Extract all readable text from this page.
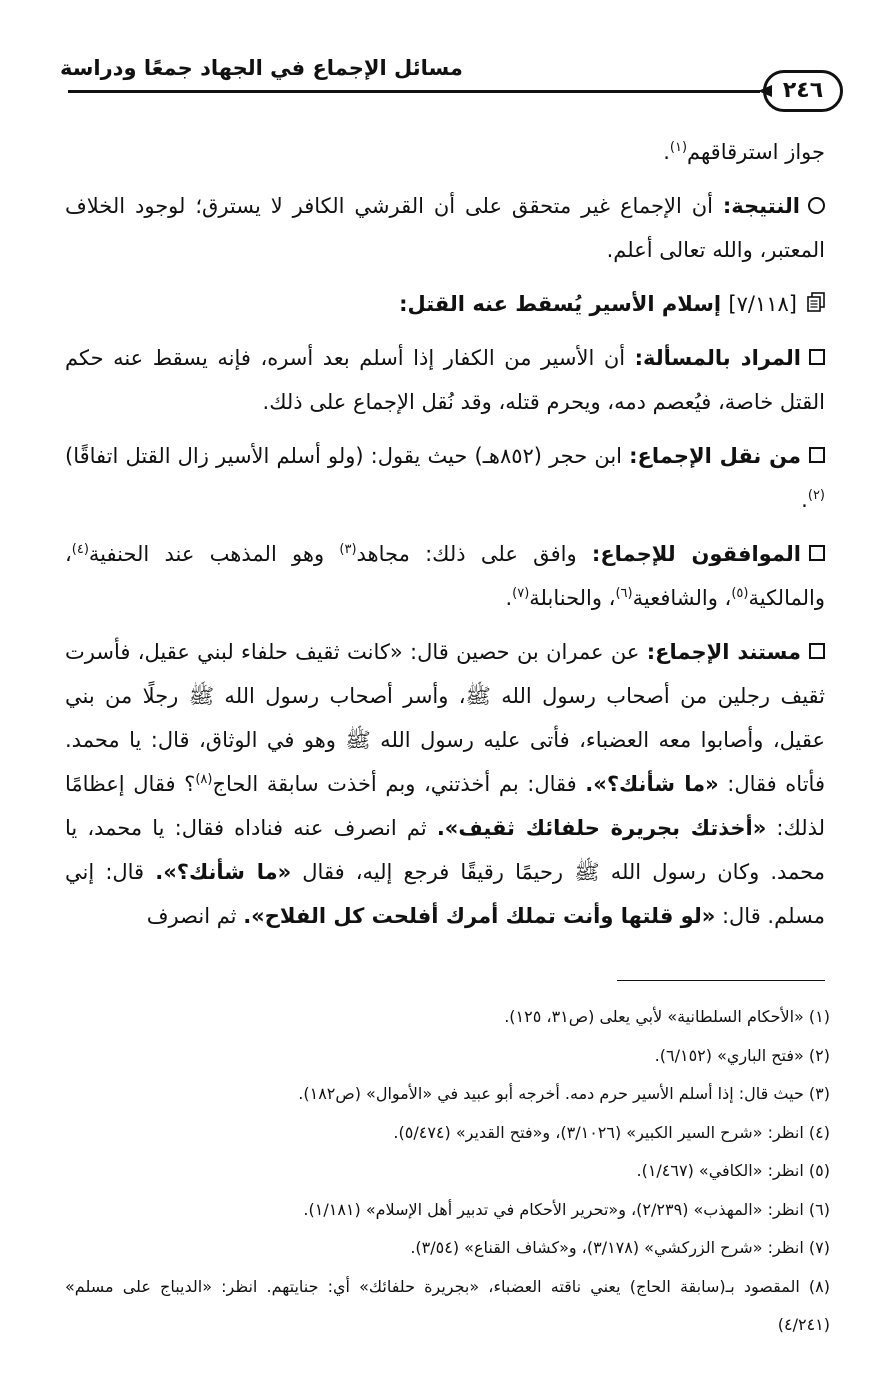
مسائل الإجماع في الجهاد جمعًا ودراسة
٢٤٦

جواز استرقاقهم$^{(١)}$.

النتيجة: أن الإجماع غير متحقق على أن القرشي الكافر لا يسترق؛ لوجود الخلاف المعتبر، والله تعالى أعلم.

[٧/١١٨] إسلام الأسير يُسقط عنه القتل:

المراد بالمسألة: أن الأسير من الكفار إذا أسلم بعد أسره، فإنه يسقط عنه حكم القتل خاصة، فيُعصم دمه، ويحرم قتله، وقد نُقل الإجماع على ذلك.

من نقل الإجماع: ابن حجر (٨٥٢هـ) حيث يقول: (ولو أسلم الأسير زال القتل اتفاقًا)$^{(٢)}$.

الموافقون للإجماع: وافق على ذلك: مجاهد$^{(٣)}$ وهو المذهب عند الحنفية$^{(٤)}$، والمالكية$^{(٥)}$، والشافعية$^{(٦)}$، والحنابلة$^{(٧)}$.

مستند الإجماع: عن عمران بن حصين قال: «كانت ثقيف حلفاء لبني عقيل، فأسرت ثقيف رجلين من أصحاب رسول الله ﷺ، وأسر أصحاب رسول الله ﷺ رجلًا من بني عقيل، وأصابوا معه العضباء، فأتى عليه رسول الله ﷺ وهو في الوثاق، قال: يا محمد. فأتاه فقال: «ما شأنك؟». فقال: بم أخذتني، وبم أخذت سابقة الحاج$^{(٨)}$؟ فقال إعظامًا لذلك: «أخذتك بجريرة حلفائك ثقيف». ثم انصرف عنه فناداه فقال: يا محمد، يا محمد. وكان رسول الله ﷺ رحيمًا رقيقًا فرجع إليه، فقال «ما شأنك؟». قال: إني مسلم. قال: «لو قلتها وأنت تملك أمرك أفلحت كل الفلاح». ثم انصرف

(١) «الأحكام السلطانية» لأبي يعلى (ص٣١، ١٢٥).

(٢) «فتح الباري» (٦/١٥٢).

(٣) حيث قال: إذا أسلم الأسير حرم دمه. أخرجه أبو عبيد في «الأموال» (ص١٨٢).

(٤) انظر: «شرح السير الكبير» (٣/١٠٢٦)، و«فتح القدير» (٥/٤٧٤).

(٥) انظر: «الكافي» (١/٤٦٧).

(٦) انظر: «المهذب» (٢/٢٣٩)، و«تحرير الأحكام في تدبير أهل الإسلام» (١/١٨١).

(٧) انظر: «شرح الزركشي» (٣/١٧٨)، و«كشاف القناع» (٣/٥٤).

(٨) المقصود بـ(سابقة الحاج) يعني ناقته العضباء، «بجريرة حلفائك» أي: جنايتهم. انظر: «الديباج على مسلم» (٤/٢٤١)
